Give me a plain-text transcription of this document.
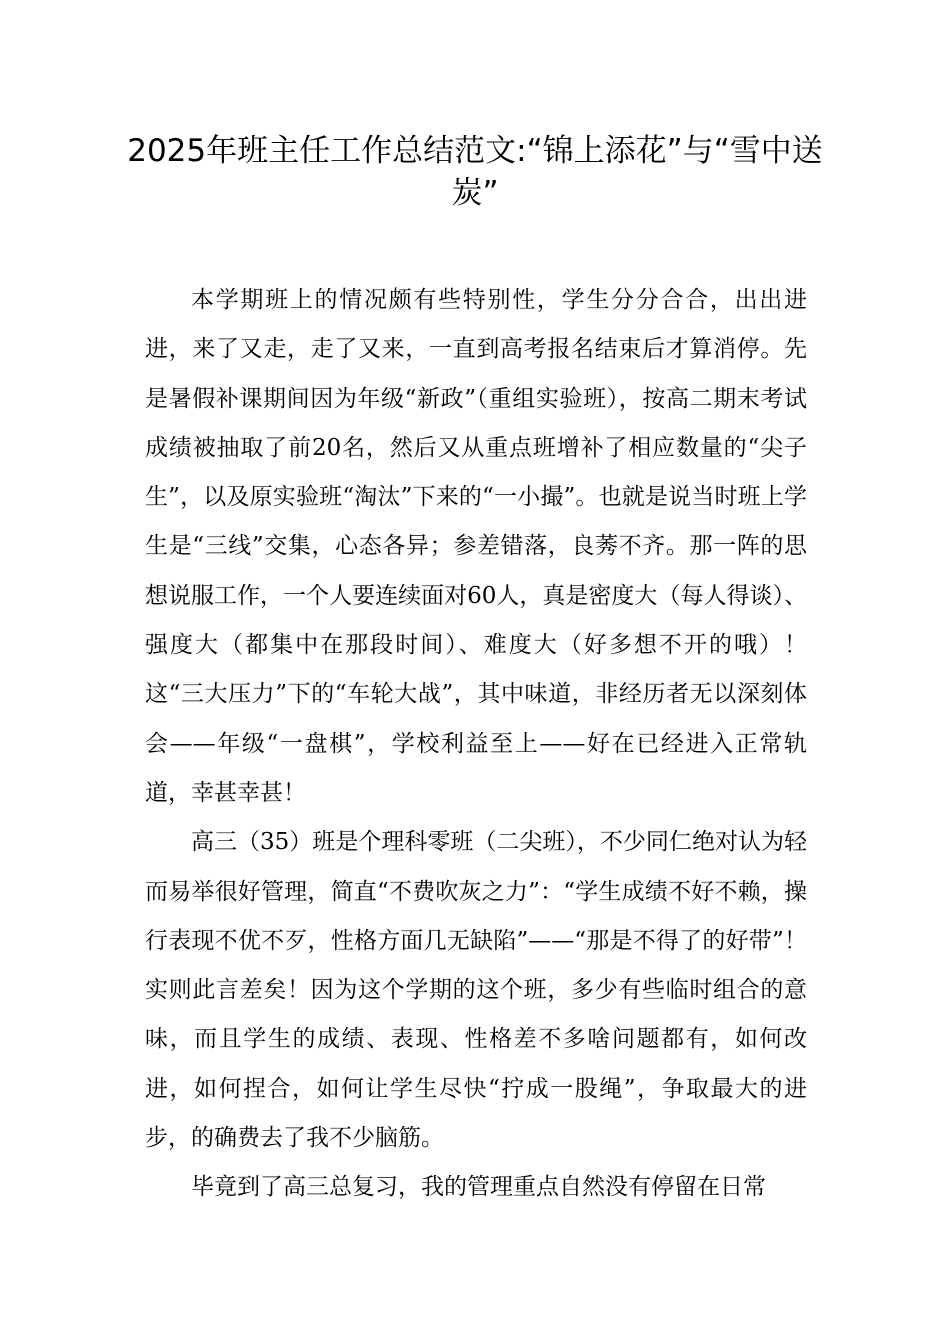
2025年班主任工作总结范文:“锦上添花”与“雪中送炭”

本学期班上的情况颇有些特别性，学生分分合合，出出进进，来了又走，走了又来，一直到高考报名结束后才算消停。先是暑假补课期间因为年级“新政”（重组实验班），按高二期末考试成绩被抽取了前20名，然后又从重点班增补了相应数量的“尖子生”，以及原实验班“淘汰”下来的“一小撮”。也就是说当时班上学生是“三线”交集，心态各异；参差错落，良莠不齐。那一阵的思想说服工作，一个人要连续面对60人，真是密度大（每人得谈）、强度大（都集中在那段时间）、难度大（好多想不开的哦）！这“三大压力”下的“车轮大战”，其中味道，非经历者无以深刻体会——年级“一盘棋”，学校利益至上——好在已经进入正常轨道，幸甚幸甚！

高三（35）班是个理科零班（二尖班），不少同仁绝对认为轻而易举很好管理，简直“不费吹灰之力”：“学生成绩不好不赖，操行表现不优不歹，性格方面几无缺陷”——“那是不得了的好带”！实则此言差矣！因为这个学期的这个班，多少有些临时组合的意味，而且学生的成绩、表现、性格差不多啥问题都有，如何改进，如何捏合，如何让学生尽快“拧成一股绳”，争取最大的进步，的确费去了我不少脑筋。

毕竟到了高三总复习，我的管理重点自然没有停留在日常
